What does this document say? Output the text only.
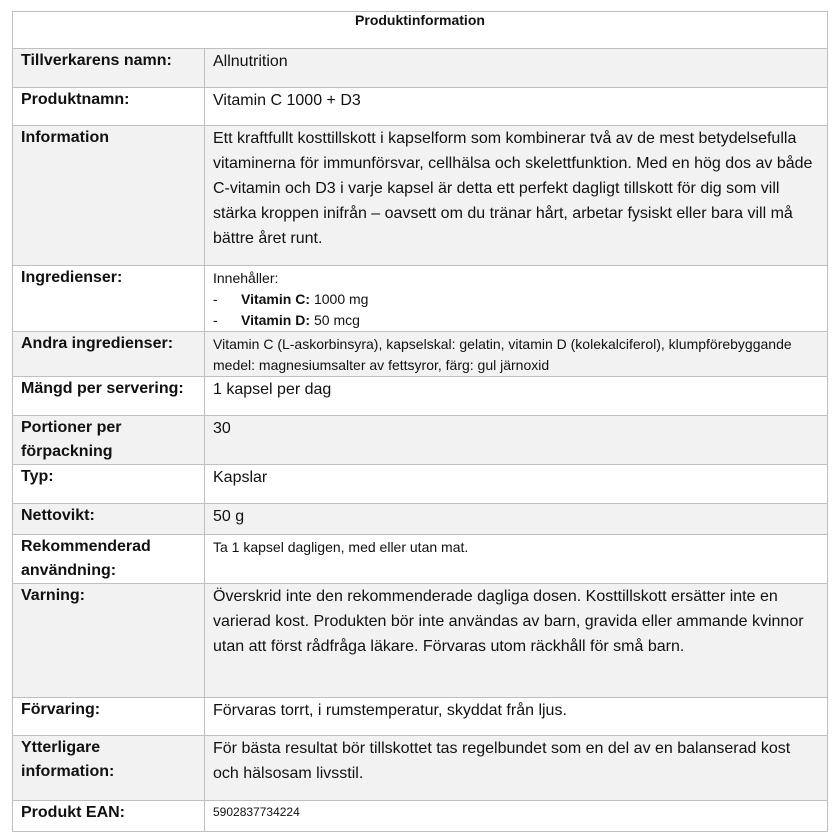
Produktinformation	
Tillverkarens namn:	Allnutrition
Produktnamn:	Vitamin C 1000 + D3
Information	Ett kraftfullt kosttillskott i kapselform som kombinerar två av de mest betydelsefulla vitaminerna för immunförsvar, cellhälsa och skelettfunktion. Med en hög dos av både C-vitamin och D3 i varje kapsel är detta ett perfekt dagligt tillskott för dig som vill stärka kroppen inifrån – oavsett om du tränar hårt, arbetar fysiskt eller bara vill må bättre året runt.
Ingredienser:	Innehåller:
-	Vitamin C: 1000 mg
-	Vitamin D: 50 mcg

Andra ingredienser:	Vitamin C (L-askorbinsyra), kapselskal: gelatin, vitamin D (kolekalciferol), klumpförebyggande medel: magnesiumsalter av fettsyror, färg: gul järnoxid
Mängd per servering:	1 kapsel per dag
Portioner per förpackning	30
Typ:	Kapslar
Nettovikt:	50 g
Rekommenderad användning:	Ta 1 kapsel dagligen, med eller utan mat.
Varning:	Överskrid inte den rekommenderade dagliga dosen. Kosttillskott ersätter inte en varierad kost. Produkten bör inte användas av barn, gravida eller ammande kvinnor utan att först rådfråga läkare. Förvaras utom räckhåll för små barn.
Förvaring:	Förvaras torrt, i rumstemperatur, skyddat från ljus.
Ytterligare information:	För bästa resultat bör tillskottet tas regelbundet som en del av en balanserad kost och hälsosam livsstil.
Produkt EAN:	5902837734224
